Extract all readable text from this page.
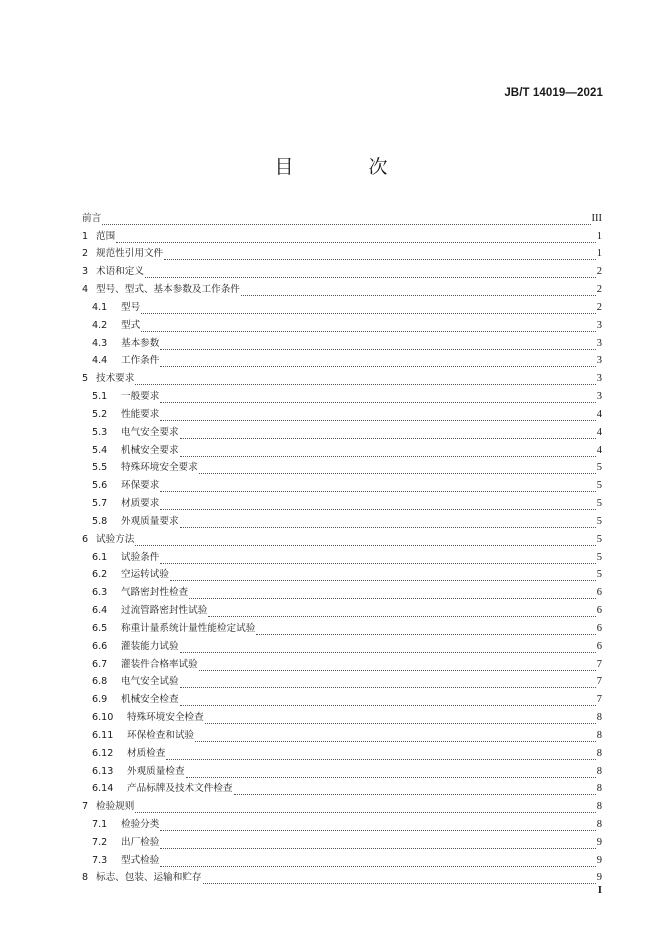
JB/T 14019—2021
目　次
前言	III
1 范围	1
2 规范性引用文件	1
3 术语和定义	2
4 型号、型式、基本参数及工作条件	2
4.1	型号	2
4.2	型式	3
4.3	基本参数	3
4.4	工作条件	3
5 技术要求	3
5.1	一般要求	3
5.2	性能要求	4
5.3	电气安全要求	4
5.4	机械安全要求	4
5.5	特殊环境安全要求	5
5.6	环保要求	5
5.7	材质要求	5
5.8	外观质量要求	5
6 试验方法	5
6.1	试验条件	5
6.2	空运转试验	5
6.3	气路密封性检查	6
6.4	过流管路密封性试验	6
6.5	称重计量系统计量性能检定试验	6
6.6	灌装能力试验	6
6.7	灌装件合格率试验	7
6.8	电气安全试验	7
6.9	机械安全检查	7
6.10	特殊环境安全检查	8
6.11	环保检查和试验	8
6.12	材质检查	8
6.13	外观质量检查	8
6.14	产品标牌及技术文件检查	8
7 检验规则	8
7.1	检验分类	8
7.2	出厂检验	9
7.3	型式检验	9
8 标志、包装、运输和贮存	9
I
